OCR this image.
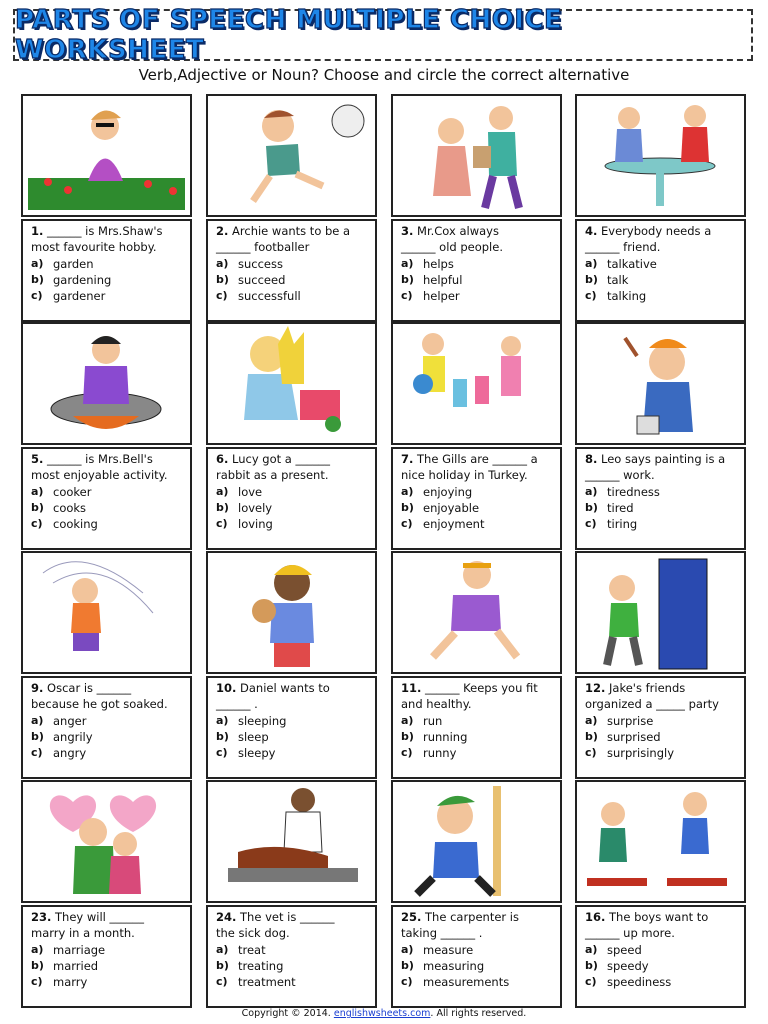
PARTS OF SPEECH MULTIPLE CHOICE WORKSHEET
Verb,Adjective or Noun? Choose and circle the correct alternative
1. ______ is Mrs.Shaw's
most favourite hobby.
a) garden
b) gardening
c) gardener
2. Archie wants to be a
______ footballer
a) success
b) succeed
c) successfull
3. Mr.Cox always
______ old people.
a) helps
b) helpful
c) helper
4. Everybody needs a
______ friend.
a) talkative
b) talk
c) talking
5. ______ is Mrs.Bell's
most enjoyable activity.
a) cooker
b) cooks
c) cooking
6. Lucy got a ______
rabbit as a present.
a) love
b) lovely
c) loving
7. The Gills are ______ a
nice holiday in Turkey.
a) enjoying
b) enjoyable
c) enjoyment
8. Leo says painting is a
______ work.
a) tiredness
b) tired
c) tiring
9. Oscar is ______
because he got soaked.
a) anger
b) angrily
c) angry
10. Daniel wants to
______ .
a) sleeping
b) sleep
c) sleepy
11. ______ Keeps you fit
and healthy.
a) run
b) running
c) runny
12. Jake's friends
organized a _____ party
a) surprise
b) surprised
c) surprisingly
23. They will ______
marry in a month.
a) marriage
b) married
c) marry
24. The vet is ______
the sick dog.
a) treat
b) treating
c) treatment
25. The carpenter is
taking ______ .
a) measure
b) measuring
c) measurements
16. The boys want to
______ up more.
a) speed
b) speedy
c) speediness
Copyright © 2014. englishwsheets.com. All rights reserved.
